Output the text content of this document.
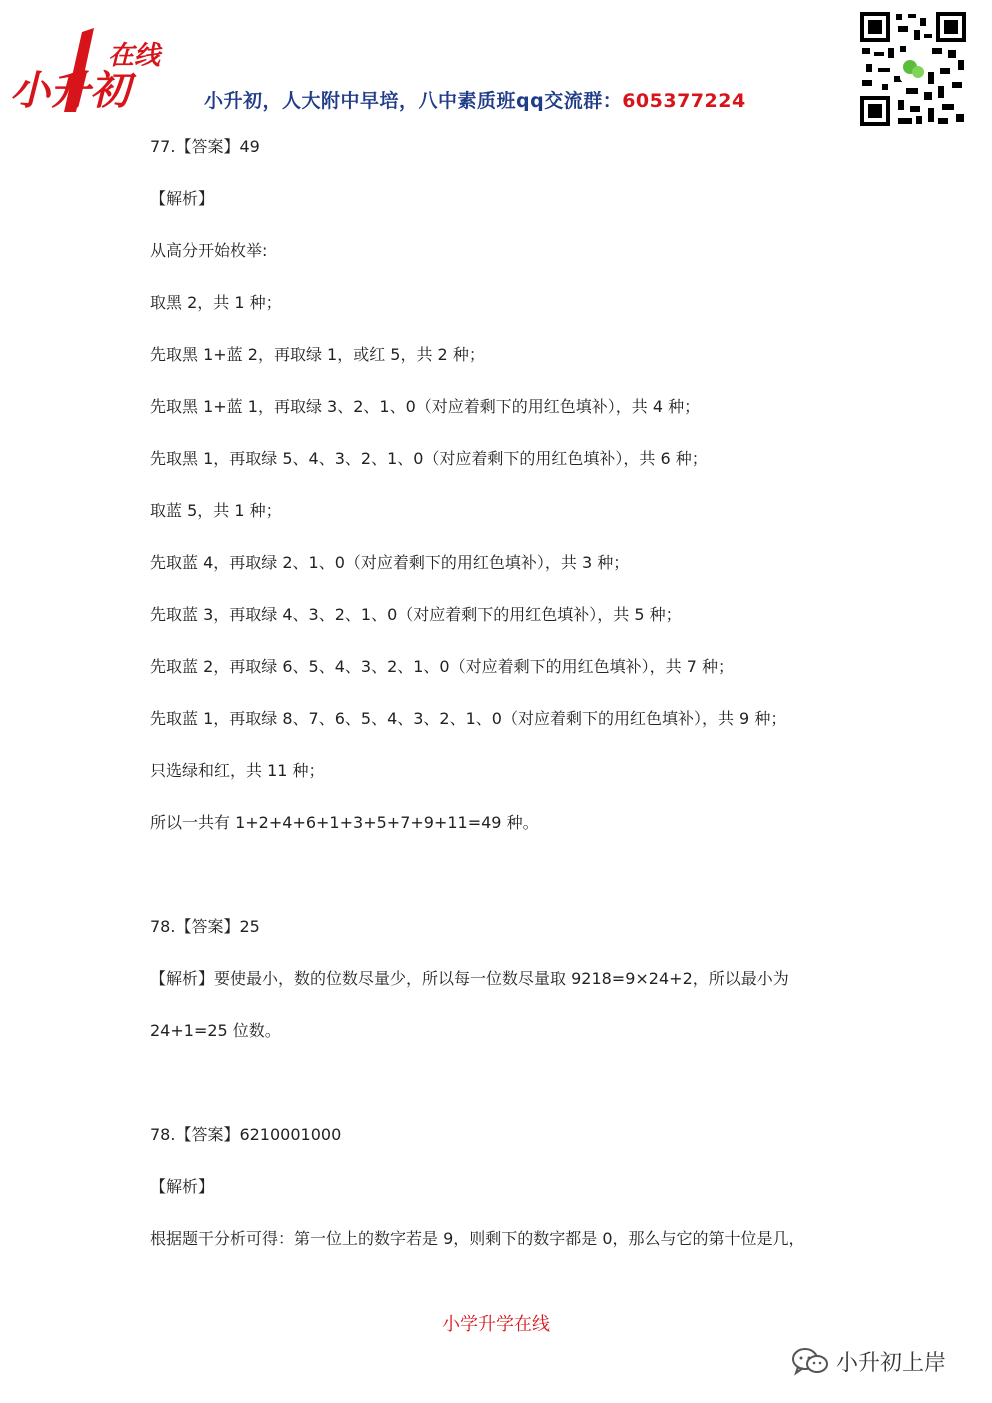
在线
小升初	小升初，人大附中早培，八中素质班qq交流群：605377224
77.【答案】49
【解析】
从高分开始枚举:
取黑 2，共 1 种；
先取黑 1+蓝 2，再取绿 1，或红 5，共 2 种；
先取黑 1+蓝 1，再取绿 3、2、1、0（对应着剩下的用红色填补），共 4 种；
先取黑 1，再取绿 5、4、3、2、1、0（对应着剩下的用红色填补），共 6 种；
取蓝 5，共 1 种；
先取蓝 4，再取绿 2、1、0（对应着剩下的用红色填补），共 3 种；
先取蓝 3，再取绿 4、3、2、1、0（对应着剩下的用红色填补），共 5 种；
先取蓝 2，再取绿 6、5、4、3、2、1、0（对应着剩下的用红色填补），共 7 种；
先取蓝 1，再取绿 8、7、6、5、4、3、2、1、0（对应着剩下的用红色填补），共 9 种；
只选绿和红，共 11 种；
所以一共有 1+2+4+6+1+3+5+7+9+11=49 种。
78.【答案】25
【解析】要使最小，数的位数尽量少，所以每一位数尽量取 9218=9×24+2，所以最小为
24+1=25 位数。
78.【答案】6210001000
【解析】
根据题干分析可得：第一位上的数字若是 9，则剩下的数字都是 0，那么与它的第十位是几，
小学升学在线
小升初上岸
